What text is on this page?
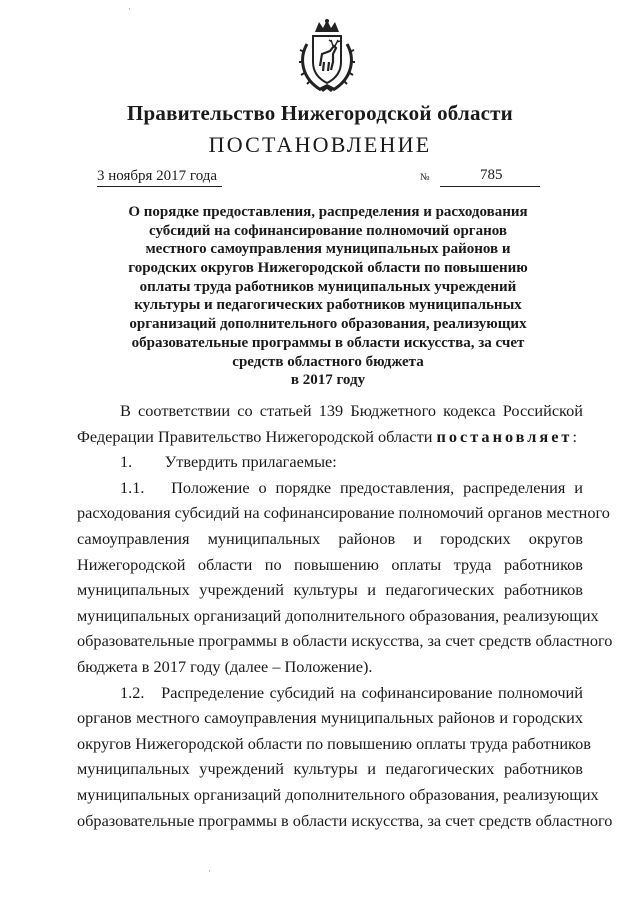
Правительство Нижегородской области
ПОСТАНОВЛЕНИЕ
3 ноября 2017 года	№	785
О порядке предоставления, распределения и расходования
субсидий на софинансирование полномочий органов
местного самоуправления муниципальных районов и
городских округов Нижегородской области по повышению
оплаты труда работников муниципальных учреждений
культуры и педагогических работников муниципальных
организаций дополнительного образования, реализующих
образовательные программы в области искусства, за счет
средств областного бюджета
в 2017 году
В соответствии со статьей 139 Бюджетного кодекса Российской
Федерации Правительство Нижегородской области постановляет:
1.        Утвердить прилагаемые:
1.1.   Положение о порядке предоставления, распределения и
расходования субсидий на софинансирование полномочий органов местного
самоуправления муниципальных районов и городских округов
Нижегородской области по повышению оплаты труда работников
муниципальных учреждений культуры и педагогических работников
муниципальных организаций дополнительного образования, реализующих
образовательные программы в области искусства, за счет средств областного
бюджета в 2017 году (далее – Положение).
1.2.   Распределение субсидий на софинансирование полномочий
органов местного самоуправления муниципальных районов и городских
округов Нижегородской области по повышению оплаты труда работников
муниципальных учреждений культуры и педагогических работников
муниципальных организаций дополнительного образования, реализующих
образовательные программы в области искусства, за счет средств областного
·
·
